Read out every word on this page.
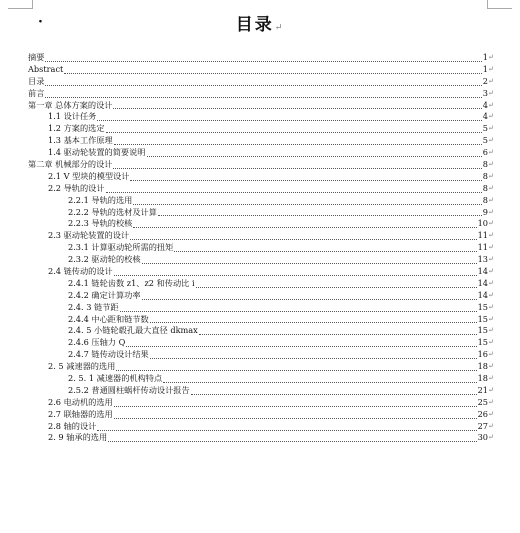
·	目录↵
摘要	1 ↵
Abstract	1 ↵
目录	2 ↵
前言	3 ↵
第一章 总体方案的设计	4 ↵
1.1 设计任务	4 ↵
1.2 方案的选定	5 ↵
1.3 基本工作原理	5 ↵
1.4 驱动轮装置的简要说明	6 ↵
第二章 机械部分的设计	8 ↵
2.1 V 型块的模型设计	8 ↵
2.2 导轨的设计	8 ↵
2.2.1 导轨的选用	8 ↵
2.2.2 导轨的选材及计算	9 ↵
2.2.3 导轨的校核	10 ↵
2.3 驱动轮装置的设计	11 ↵
2.3.1 计算驱动轮所需的扭矩	11 ↵
2.3.2 驱动轮的校核	13 ↵
2.4 链传动的设计	14 ↵
2.4.1 链轮齿数 z1、z2 和传动比 i	14 ↵
2.4.2 确定计算功率	14 ↵
2.4. 3 链节距	15 ↵
2.4.4 中心距和链节数	15 ↵
2.4. 5 小链轮毂孔最大直径 dkmax	15 ↵
2.4.6 压轴力 Q	15 ↵
2.4.7 链传动设计结果	16 ↵
2. 5 减速器的选用	18 ↵
2. 5. 1 减速器的机构特点	18 ↵
2.5.2 普通圆柱蜗杆传动设计报告	21 ↵
2.6 电动机的选用	25 ↵
2.7 联轴器的选用	26 ↵
2.8 轴的设计	27 ↵
2. 9 轴承的选用	30 ↵
